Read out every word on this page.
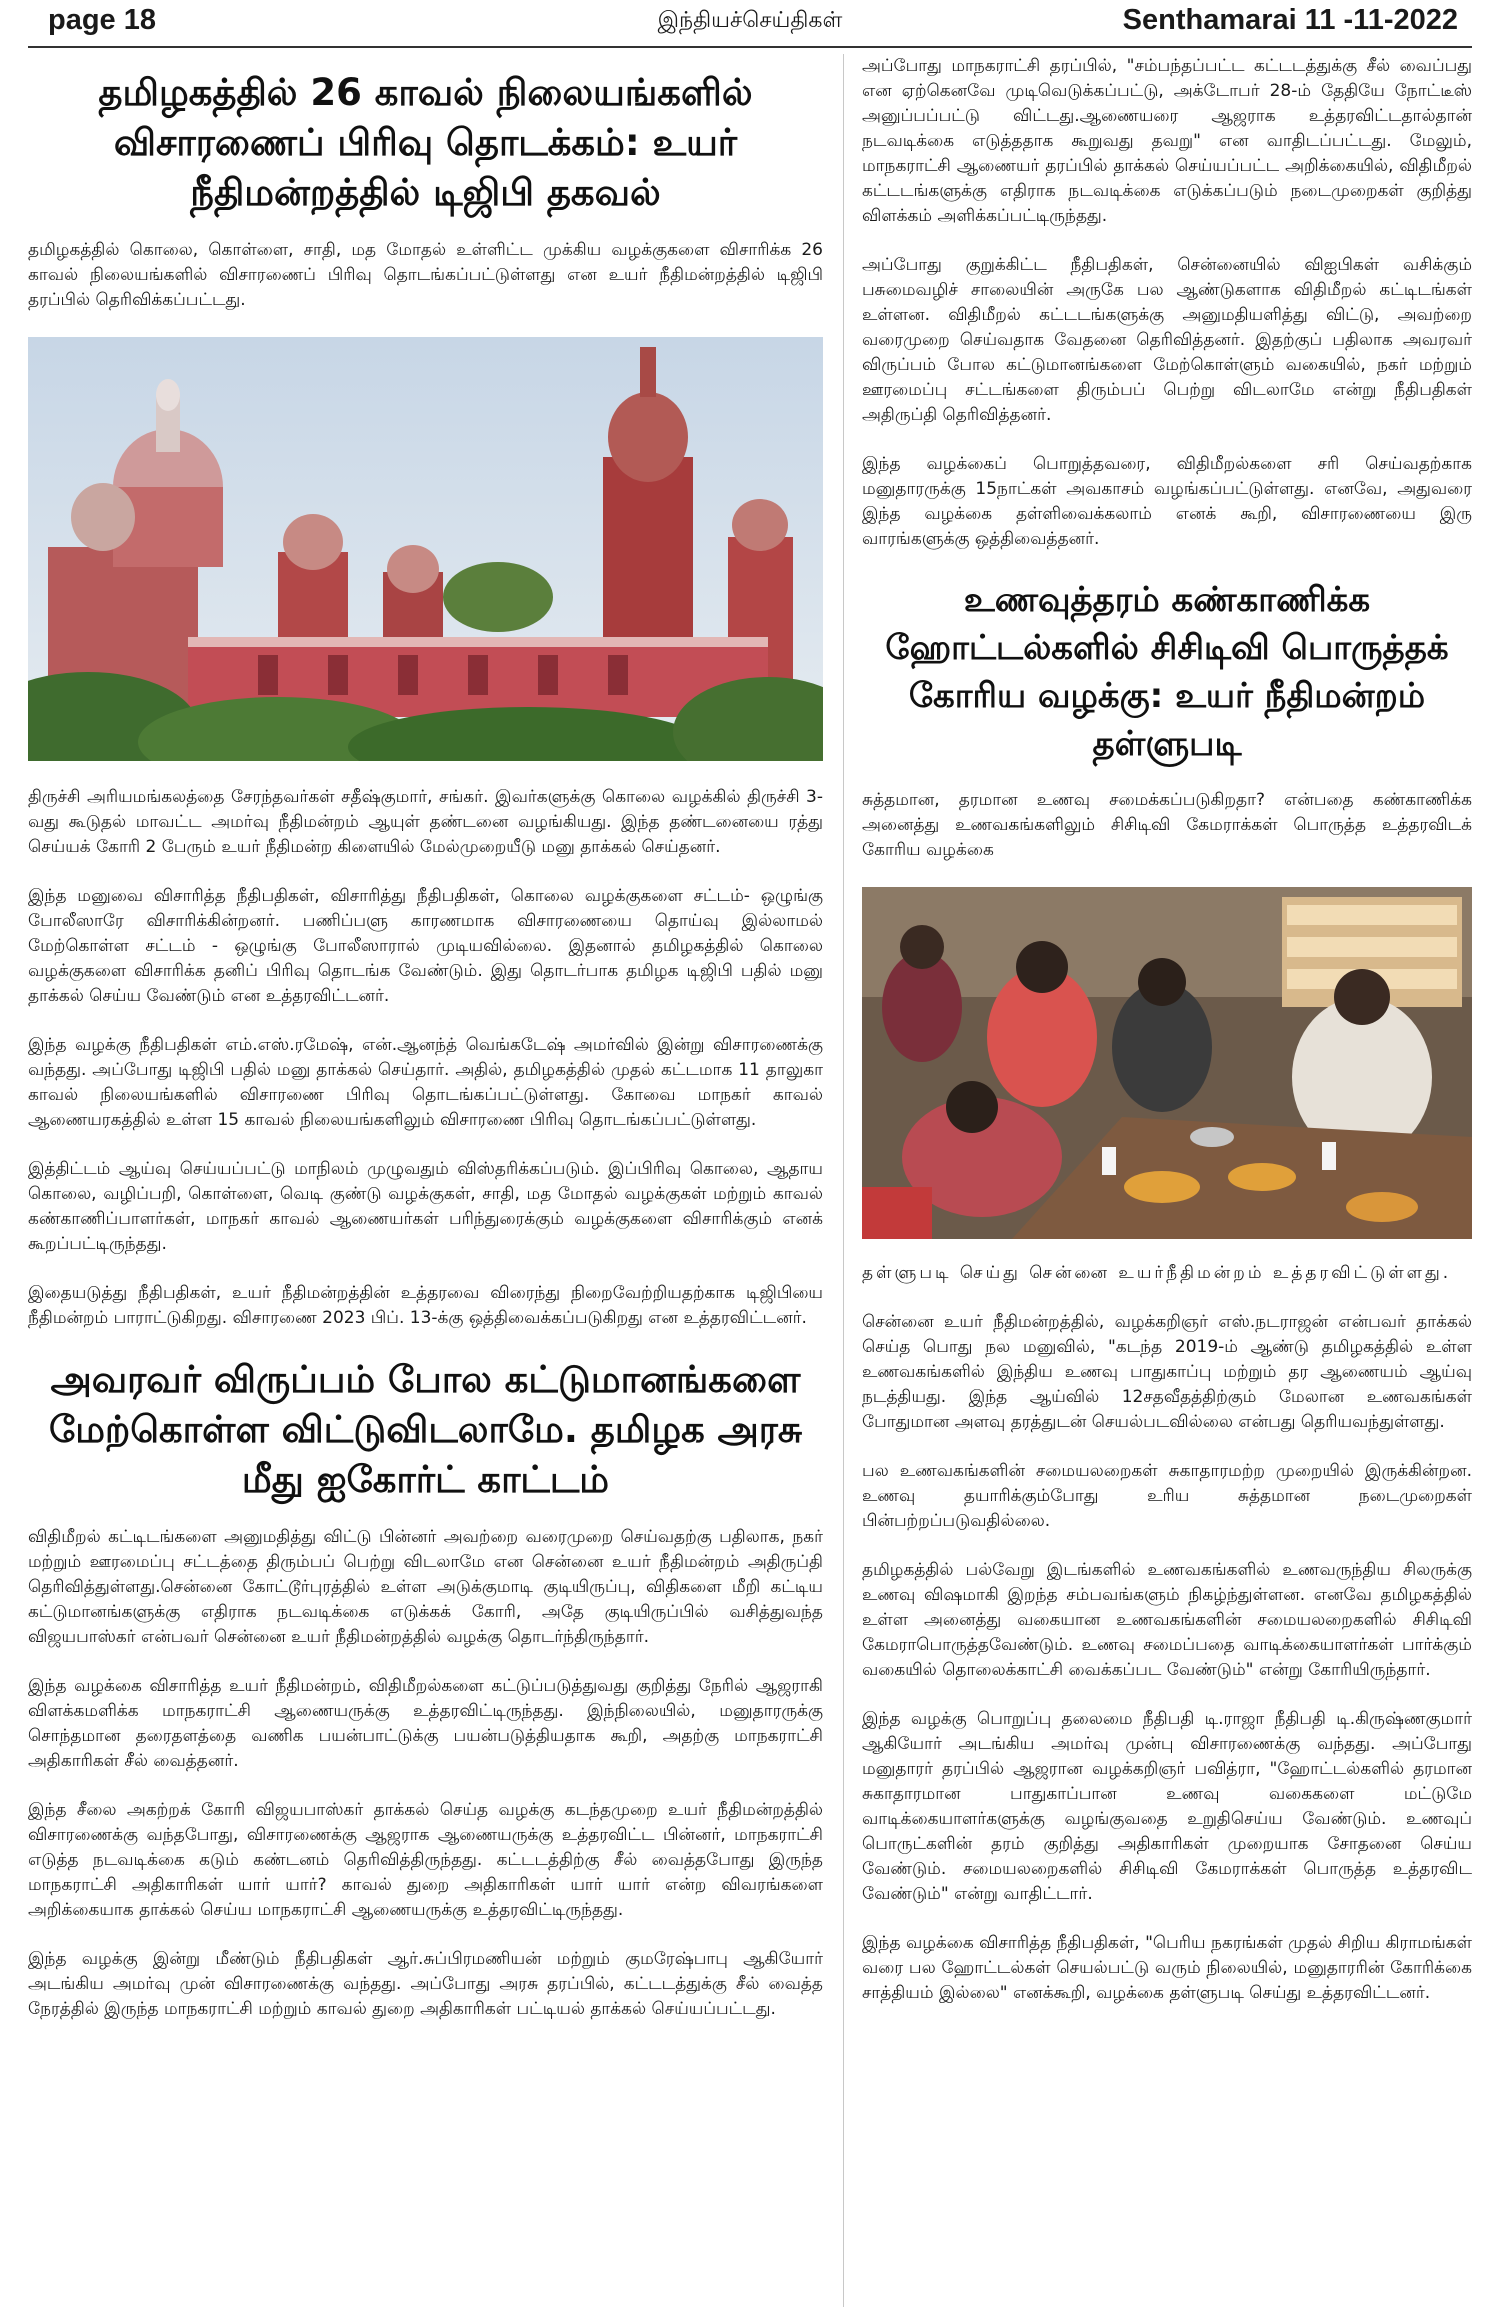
page 18	இந்தியச்செய்திகள்	Senthamarai 11 -11-2022
தமிழகத்தில் 26 காவல் நிலையங்களில் விசாரணைப் பிரிவு தொடக்கம்: உயர் நீதிமன்றத்தில் டிஜிபி தகவல்

தமிழகத்தில் கொலை, கொள்ளை, சாதி, மத மோதல் உள்ளிட்ட முக்கிய வழக்குகளை விசாரிக்க 26 காவல் நிலையங்களில் விசாரணைப் பிரிவு தொடங்கப்பட்டுள்ளது என உயர் நீதிமன்றத்தில் டிஜிபி தரப்பில் தெரிவிக்கப்பட்டது.

திருச்சி அரியமங்கலத்தை சேரந்தவர்கள் சதீஷ்குமார், சங்கர். இவர்களுக்கு கொலை வழக்கில் திருச்சி 3-வது கூடுதல் மாவட்ட அமர்வு நீதிமன்றம் ஆயுள் தண்டனை வழங்கியது. இந்த தண்டனையை ரத்து செய்யக் கோரி 2 பேரும் உயர் நீதிமன்ற கிளையில் மேல்முறையீடு மனு தாக்கல் செய்தனர்.

இந்த மனுவை விசாரித்த நீதிபதிகள், விசாரித்து நீதிபதிகள், கொலை வழக்குகளை சட்டம்- ஒழுங்கு போலீஸாரே விசாரிக்கின்றனர். பணிப்பளு காரணமாக விசாரணையை தொய்வு இல்லாமல் மேற்கொள்ள சட்டம் - ஒழுங்கு போலீஸாரால் முடியவில்லை. இதனால் தமிழகத்தில் கொலை வழக்குகளை விசாரிக்க தனிப் பிரிவு தொடங்க வேண்டும். இது தொடர்பாக தமிழக டிஜிபி பதில் மனு தாக்கல் செய்ய வேண்டும் என உத்தரவிட்டனர்.

இந்த வழக்கு நீதிபதிகள் எம்.எஸ்.ரமேஷ், என்.ஆனந்த் வெங்கடேஷ் அமர்வில் இன்று விசாரணைக்கு வந்தது. அப்போது டிஜிபி பதில் மனு தாக்கல் செய்தார். அதில், தமிழகத்தில் முதல் கட்டமாக 11 தாலுகா காவல் நிலையங்களில் விசாரணை பிரிவு தொடங்கப்பட்டுள்ளது. கோவை மாநகர் காவல் ஆணையரகத்தில் உள்ள 15 காவல் நிலையங்களிலும் விசாரணை பிரிவு தொடங்கப்பட்டுள்ளது.

இத்திட்டம் ஆய்வு செய்யப்பட்டு மாநிலம் முழுவதும் விஸ்தரிக்கப்படும். இப்பிரிவு கொலை, ஆதாய கொலை, வழிப்பறி, கொள்ளை, வெடி குண்டு வழக்குகள், சாதி, மத மோதல் வழக்குகள் மற்றும் காவல் கண்காணிப்பாளர்கள், மாநகர் காவல் ஆணையர்கள் பரிந்துரைக்கும் வழக்குகளை விசாரிக்கும் எனக் கூறப்பட்டிருந்தது.

இதையடுத்து நீதிபதிகள், உயர் நீதிமன்றத்தின் உத்தரவை விரைந்து நிறைவேற்றியதற்காக டிஜிபியை நீதிமன்றம் பாராட்டுகிறது. விசாரணை 2023 பிப். 13-க்கு ஒத்திவைக்கப்படுகிறது என உத்தரவிட்டனர்.

அவரவர் விருப்பம் போல கட்டுமானங்களை மேற்கொள்ள விட்டுவிடலாமே. தமிழக அரசு மீது ஐகோர்ட் காட்டம்

விதிமீறல் கட்டிடங்களை அனுமதித்து விட்டு பின்னர் அவற்றை வரைமுறை செய்வதற்கு பதிலாக, நகர் மற்றும் ஊரமைப்பு சட்டத்தை திரும்பப் பெற்று விடலாமே என சென்னை உயர் நீதிமன்றம் அதிருப்தி தெரிவித்துள்ளது.சென்னை கோட்டூர்புரத்தில் உள்ள அடுக்குமாடி குடியிருப்பு, விதிகளை மீறி கட்டிய கட்டுமானங்களுக்கு எதிராக நடவடிக்கை எடுக்கக் கோரி, அதே குடியிருப்பில் வசித்துவந்த விஜயபாஸ்கர் என்பவர் சென்னை உயர் நீதிமன்றத்தில் வழக்கு தொடர்ந்திருந்தார்.

இந்த வழக்கை விசாரித்த உயர் நீதிமன்றம், விதிமீறல்களை கட்டுப்படுத்துவது குறித்து நேரில் ஆஜராகி விளக்கமளிக்க மாநகராட்சி ஆணையருக்கு உத்தரவிட்டிருந்தது. இந்நிலையில், மனுதாரருக்கு சொந்தமான தரைதளத்தை வணிக பயன்பாட்டுக்கு பயன்படுத்தியதாக கூறி, அதற்கு மாநகராட்சி அதிகாரிகள் சீல் வைத்தனர்.

இந்த சீலை அகற்றக் கோரி விஜயபாஸ்கர் தாக்கல் செய்த வழக்கு கடந்தமுறை உயர் நீதிமன்றத்தில் விசாரணைக்கு வந்தபோது, விசாரணைக்கு ஆஜராக ஆணையருக்கு உத்தரவிட்ட பின்னர், மாநகராட்சி எடுத்த நடவடிக்கை கடும் கண்டனம் தெரிவித்திருந்தது. கட்டடத்திற்கு சீல் வைத்தபோது இருந்த மாநகராட்சி அதிகாரிகள் யார் யார்? காவல் துறை அதிகாரிகள் யார் யார் என்ற விவரங்களை அறிக்கையாக தாக்கல் செய்ய மாநகராட்சி ஆணையருக்கு உத்தரவிட்டிருந்தது.

இந்த வழக்கு இன்று மீண்டும் நீதிபதிகள் ஆர்.சுப்பிரமணியன் மற்றும் குமரேஷ்பாபு ஆகியோர் அடங்கிய அமர்வு முன் விசாரணைக்கு வந்தது. அப்போது அரசு தரப்பில், கட்டடத்துக்கு சீல் வைத்த நேரத்தில் இருந்த மாநகராட்சி மற்றும் காவல் துறை அதிகாரிகள் பட்டியல் தாக்கல் செய்யப்பட்டது.

அப்போது மாநகராட்சி தரப்பில், "சம்பந்தப்பட்ட கட்டடத்துக்கு சீல் வைப்பது என ஏற்கெனவே முடிவெடுக்கப்பட்டு, அக்டோபர் 28-ம் தேதியே நோட்டீஸ் அனுப்பப்பட்டு விட்டது.ஆணையரை ஆஜராக உத்தரவிட்டதால்தான் நடவடிக்கை எடுத்ததாக கூறுவது தவறு" என வாதிடப்பட்டது. மேலும், மாநகராட்சி ஆணையர் தரப்பில் தாக்கல் செய்யப்பட்ட அறிக்கையில், விதிமீறல் கட்டடங்களுக்கு எதிராக நடவடிக்கை எடுக்கப்படும் நடைமுறைகள் குறித்து விளக்கம் அளிக்கப்பட்டிருந்தது.

அப்போது குறுக்கிட்ட நீதிபதிகள், சென்னையில் விஐபிகள் வசிக்கும் பசுமைவழிச் சாலையின் அருகே பல ஆண்டுகளாக விதிமீறல் கட்டிடங்கள் உள்ளன. விதிமீறல் கட்டடங்களுக்கு அனுமதியளித்து விட்டு, அவற்றை வரைமுறை செய்வதாக வேதனை தெரிவித்தனர். இதற்குப் பதிலாக அவரவர் விருப்பம் போல கட்டுமானங்களை மேற்கொள்ளும் வகையில், நகர் மற்றும் ஊரமைப்பு சட்டங்களை திரும்பப் பெற்று விடலாமே என்று நீதிபதிகள் அதிருப்தி தெரிவித்தனர்.

இந்த வழக்கைப் பொறுத்தவரை, விதிமீறல்களை சரி செய்வதற்காக மனுதாரருக்கு 15நாட்கள் அவகாசம் வழங்கப்பட்டுள்ளது. எனவே, அதுவரை இந்த வழக்கை தள்ளிவைக்கலாம் எனக் கூறி, விசாரணையை இரு வாரங்களுக்கு ஒத்திவைத்தனர்.

உணவுத்தரம் கண்காணிக்க ஹோட்டல்களில் சிசிடிவி பொருத்தக் கோரிய வழக்கு: உயர் நீதிமன்றம் தள்ளுபடி

சுத்தமான, தரமான உணவு சமைக்கப்படுகிறதா? என்பதை கண்காணிக்க அனைத்து உணவகங்களிலும் சிசிடிவி கேமராக்கள் பொருத்த உத்தரவிடக் கோரிய வழக்கை

தள்ளுபடி செய்து சென்னை உயர்நீதிமன்றம் உத்தரவிட்டுள்ளது.

சென்னை உயர் நீதிமன்றத்தில், வழக்கறிஞர் எஸ்.நடராஜன் என்பவர் தாக்கல் செய்த பொது நல மனுவில், "கடந்த 2019-ம் ஆண்டு தமிழகத்தில் உள்ள உணவகங்களில் இந்திய உணவு பாதுகாப்பு மற்றும் தர ஆணையம் ஆய்வு நடத்தியது. இந்த ஆய்வில் 12சதவீதத்திற்கும் மேலான உணவகங்கள் போதுமான அளவு தரத்துடன் செயல்படவில்லை என்பது தெரியவந்துள்ளது.

பல உணவகங்களின் சமையலறைகள் சுகாதாரமற்ற முறையில் இருக்கின்றன. உணவு தயாரிக்கும்போது உரிய சுத்தமான நடைமுறைகள் பின்பற்றப்படுவதில்லை.

தமிழகத்தில் பல்வேறு இடங்களில் உணவகங்களில் உணவருந்திய சிலருக்கு உணவு விஷமாகி இறந்த சம்பவங்களும் நிகழ்ந்துள்ளன. எனவே தமிழகத்தில் உள்ள அனைத்து வகையான உணவகங்களின் சமையலறைகளில் சிசிடிவி கேமராபொருத்தவேண்டும். உணவு சமைப்பதை வாடிக்கையாளர்கள் பார்க்கும் வகையில் தொலைக்காட்சி வைக்கப்பட வேண்டும்" என்று கோரியிருந்தார்.

இந்த வழக்கு பொறுப்பு தலைமை நீதிபதி டி.ராஜா நீதிபதி டி.கிருஷ்ணகுமார் ஆகியோர் அடங்கிய அமர்வு முன்பு விசாரணைக்கு வந்தது. அப்போது மனுதாரர் தரப்பில் ஆஜரான வழக்கறிஞர் பவித்ரா, "ஹோட்டல்களில் தரமான சுகாதாரமான பாதுகாப்பான உணவு வகைகளை மட்டுமே வாடிக்கையாளர்களுக்கு வழங்குவதை உறுதிசெய்ய வேண்டும். உணவுப் பொருட்களின் தரம் குறித்து அதிகாரிகள் முறையாக சோதனை செய்ய வேண்டும். சமையலறைகளில் சிசிடிவி கேமராக்கள் பொருத்த உத்தரவிட வேண்டும்" என்று வாதிட்டார்.

இந்த வழக்கை விசாரித்த நீதிபதிகள், "பெரிய நகரங்கள் முதல் சிறிய கிராமங்கள் வரை பல ஹோட்டல்கள் செயல்பட்டு வரும் நிலையில், மனுதாரரின் கோரிக்கை சாத்தியம் இல்லை" எனக்கூறி, வழக்கை தள்ளுபடி செய்து உத்தரவிட்டனர்.
